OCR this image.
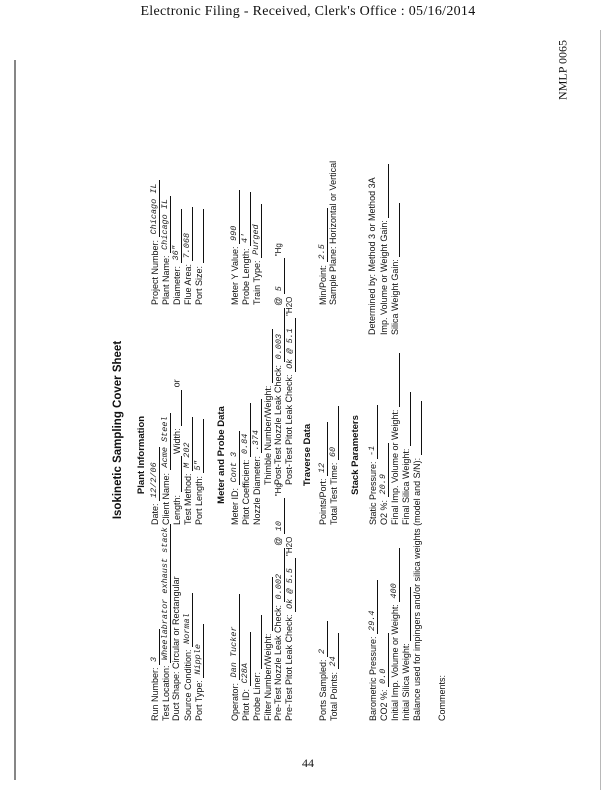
Electronic Filing - Received, Clerk's Office : 05/16/2014
NMLP 0065
44
Isokinetic Sampling Cover Sheet
Run Number: 3
Test Location: Wheelabrator exhaust stack
Duct Shape: Circular or Rectangular
Source Condition: Normal
Port Type: Nipple
Plant Information
Date: 12/2/06 Client Name: Acme Steel
Length:  Width:  or
Test Method: M 202
Port Length: 5"
Project Number: Chicago IL
Plant Name: Chicago IL
Diameter: 36"
Flue Area: 7.068
Port Size:
Meter and Probe Data
Operator: Dan Tucker
Pitot ID: C28A Probe Liner: Filter Number/Weight: Pre-Test Nozzle Leak Check: 0.002 @ 10"Hg
Pre-Test Pitot Leak Check: Ok @ 5.5"H2O
Meter ID: Cont 3 Pitot Coefficient: 0.84
Nozzle Diameter: .374 Thimble Number/Weight: Post-Test Nozzle Leak Check: 0.003 @ 5"Hg
Post-Test Pitot Leak Check: Ok @ 5.1"H2O
Meter Y Value: 990
Probe Length: 4'
Train Type: Purged
Traverse Data
Ports Sampled: 2
Total Points: 24
Points/Port: 12 Total Test Time: 60
Min/Point: 2.5 Sample Plane: Horizontal or Vertical
Stack Parameters
Barometric Pressure: 29.4
CO2 %: 0.0 Initial Imp. Volume or Weight: 400
Initial Silica Weight: Balance used for impingers and/or silica weights (model and S/N):
Static Pressure: -1
O2 %: 20.9 Final Imp. Volume or Weight: Final Silica Weight:
Determined by: Method 3 or Method 3A Imp. Volume or Weight Gain: Silica Weight Gain:
Comments:
